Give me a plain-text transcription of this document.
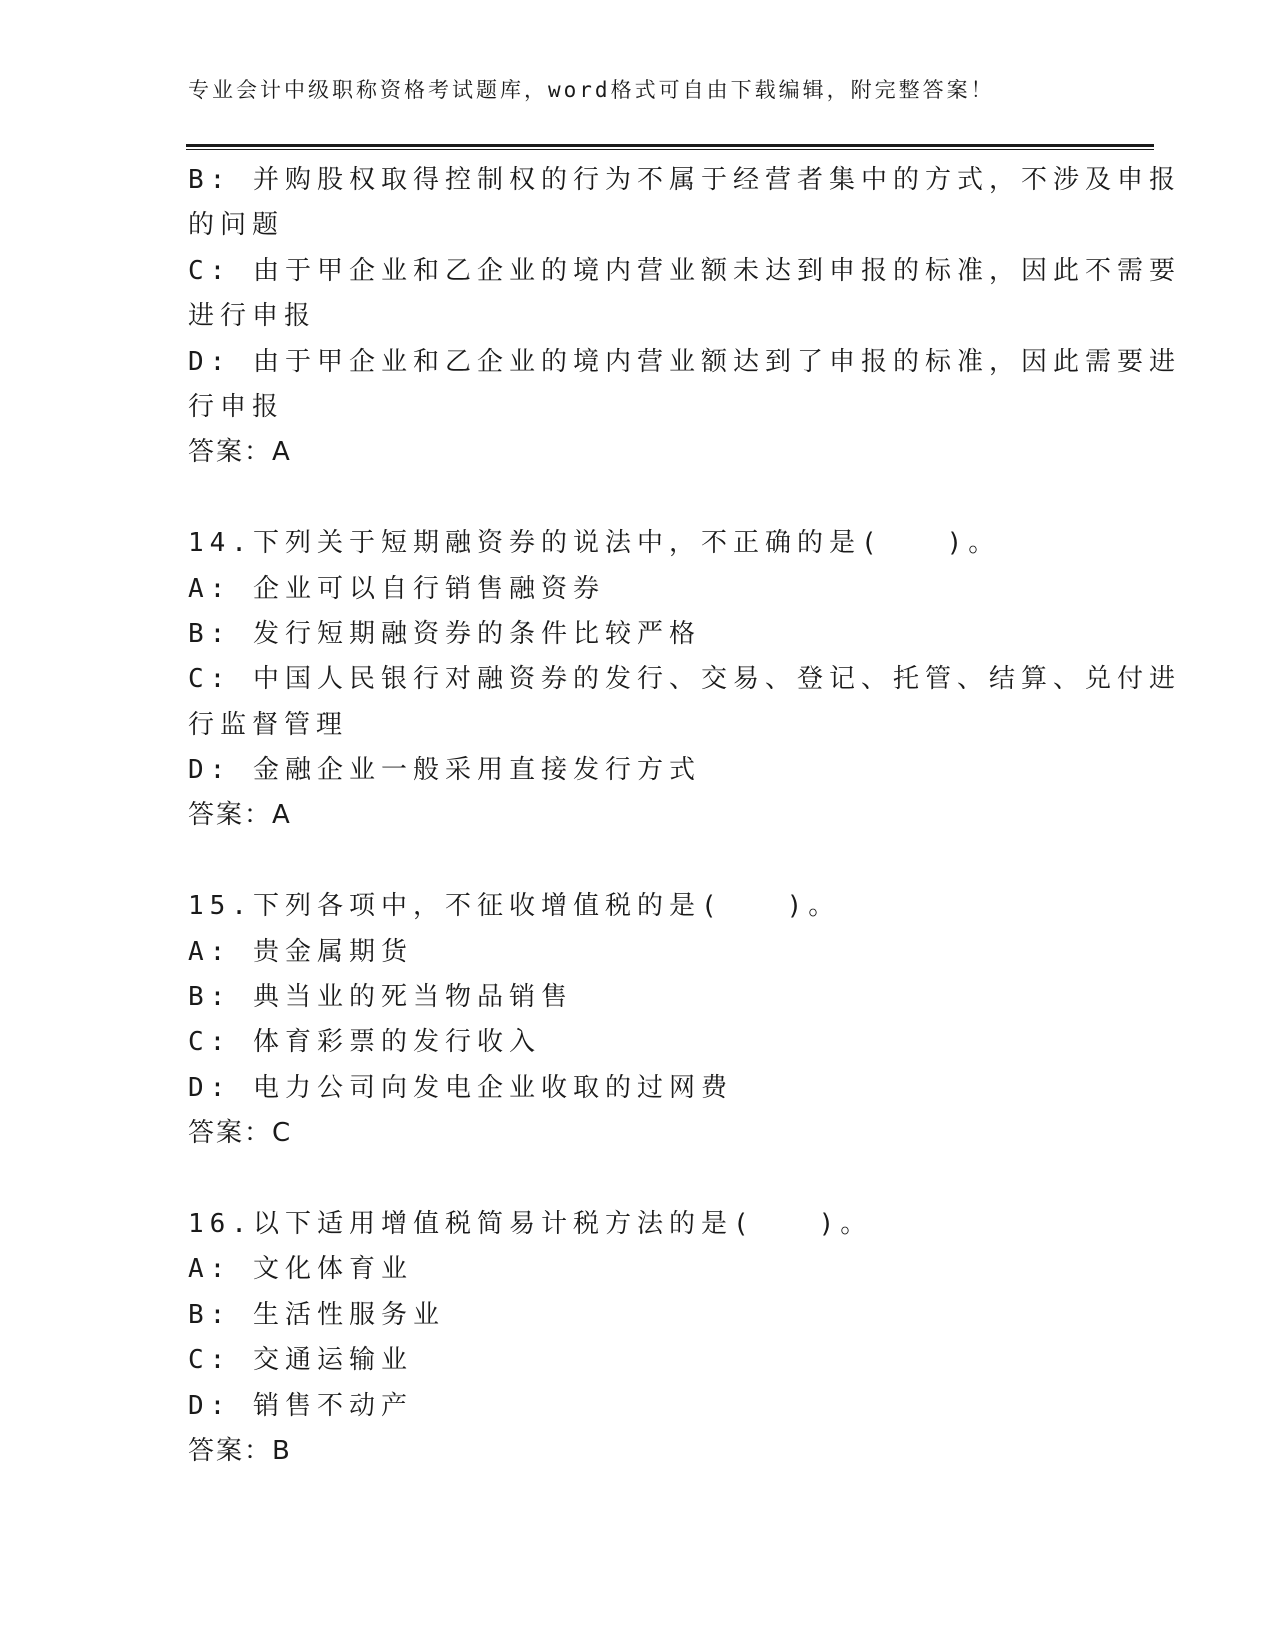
专业会计中级职称资格考试题库，word格式可自由下载编辑，附完整答案！
B: 并购股权取得控制权的行为不属于经营者集中的方式，不涉及申报
的问题
C: 由于甲企业和乙企业的境内营业额未达到申报的标准，因此不需要
进行申报
D: 由于甲企业和乙企业的境内营业额达到了申报的标准，因此需要进
行申报
答案：A
14.下列关于短期融资券的说法中，不正确的是(　　)。
A: 企业可以自行销售融资券
B: 发行短期融资券的条件比较严格
C: 中国人民银行对融资券的发行、交易、登记、托管、结算、兑付进
行监督管理
D: 金融企业一般采用直接发行方式
答案：A
15.下列各项中，不征收增值税的是(　　)。
A: 贵金属期货
B: 典当业的死当物品销售
C: 体育彩票的发行收入
D: 电力公司向发电企业收取的过网费
答案：C
16.以下适用增值税简易计税方法的是(　　)。
A: 文化体育业
B: 生活性服务业
C: 交通运输业
D: 销售不动产
答案：B
